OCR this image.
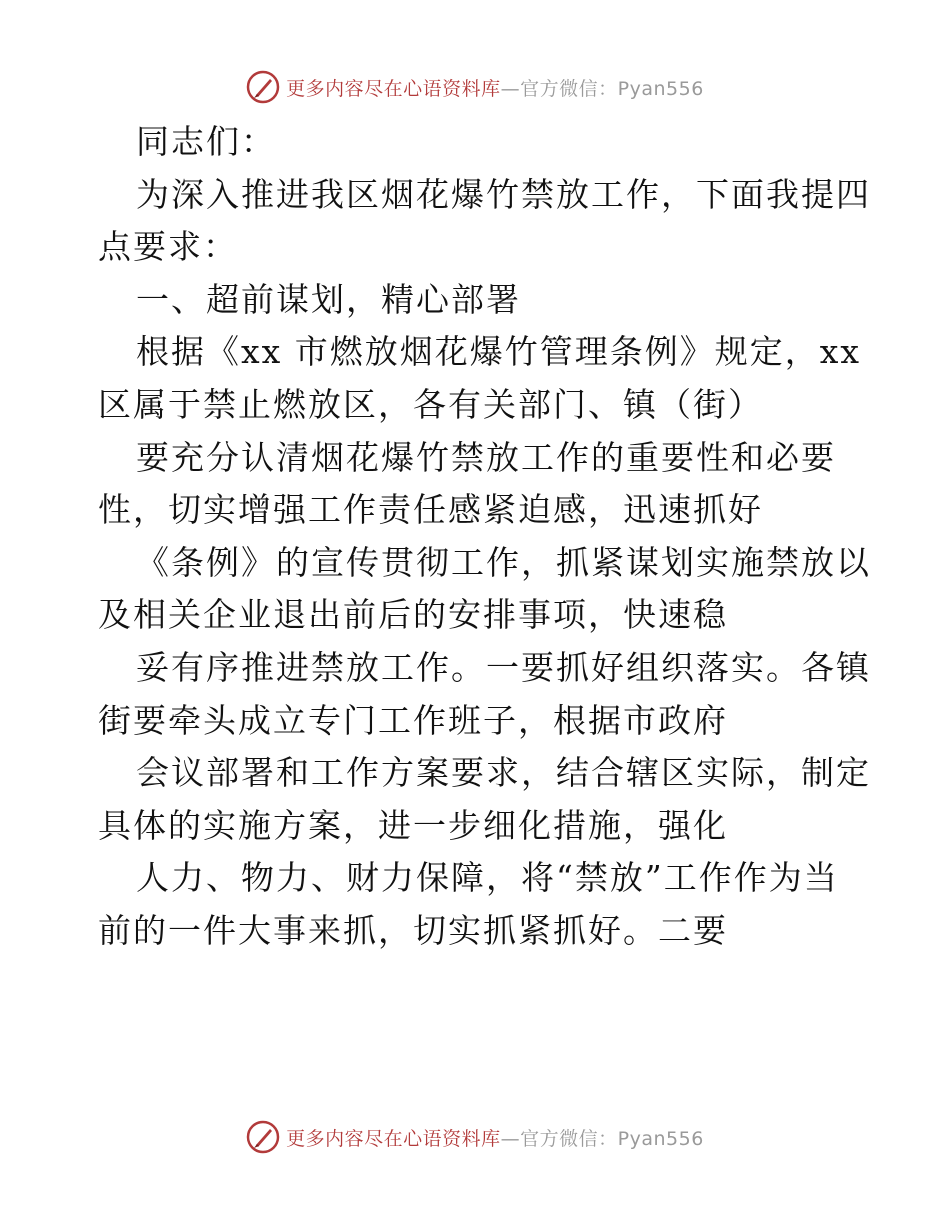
更多内容尽在心语资料库—官方微信：Pyan556
同志们：
为深入推进我区烟花爆竹禁放工作，下面我提四
点要求：
一、超前谋划，精心部署
根据《xx 市燃放烟花爆竹管理条例》规定，xx
区属于禁止燃放区，各有关部门、镇（街）
要充分认清烟花爆竹禁放工作的重要性和必要
性，切实增强工作责任感紧迫感，迅速抓好
《条例》的宣传贯彻工作，抓紧谋划实施禁放以
及相关企业退出前后的安排事项，快速稳
妥有序推进禁放工作。一要抓好组织落实。各镇
街要牵头成立专门工作班子，根据市政府
会议部署和工作方案要求，结合辖区实际，制定
具体的实施方案，进一步细化措施，强化
人力、物力、财力保障，将“禁放”工作作为当
前的一件大事来抓，切实抓紧抓好。二要
更多内容尽在心语资料库—官方微信：Pyan556
